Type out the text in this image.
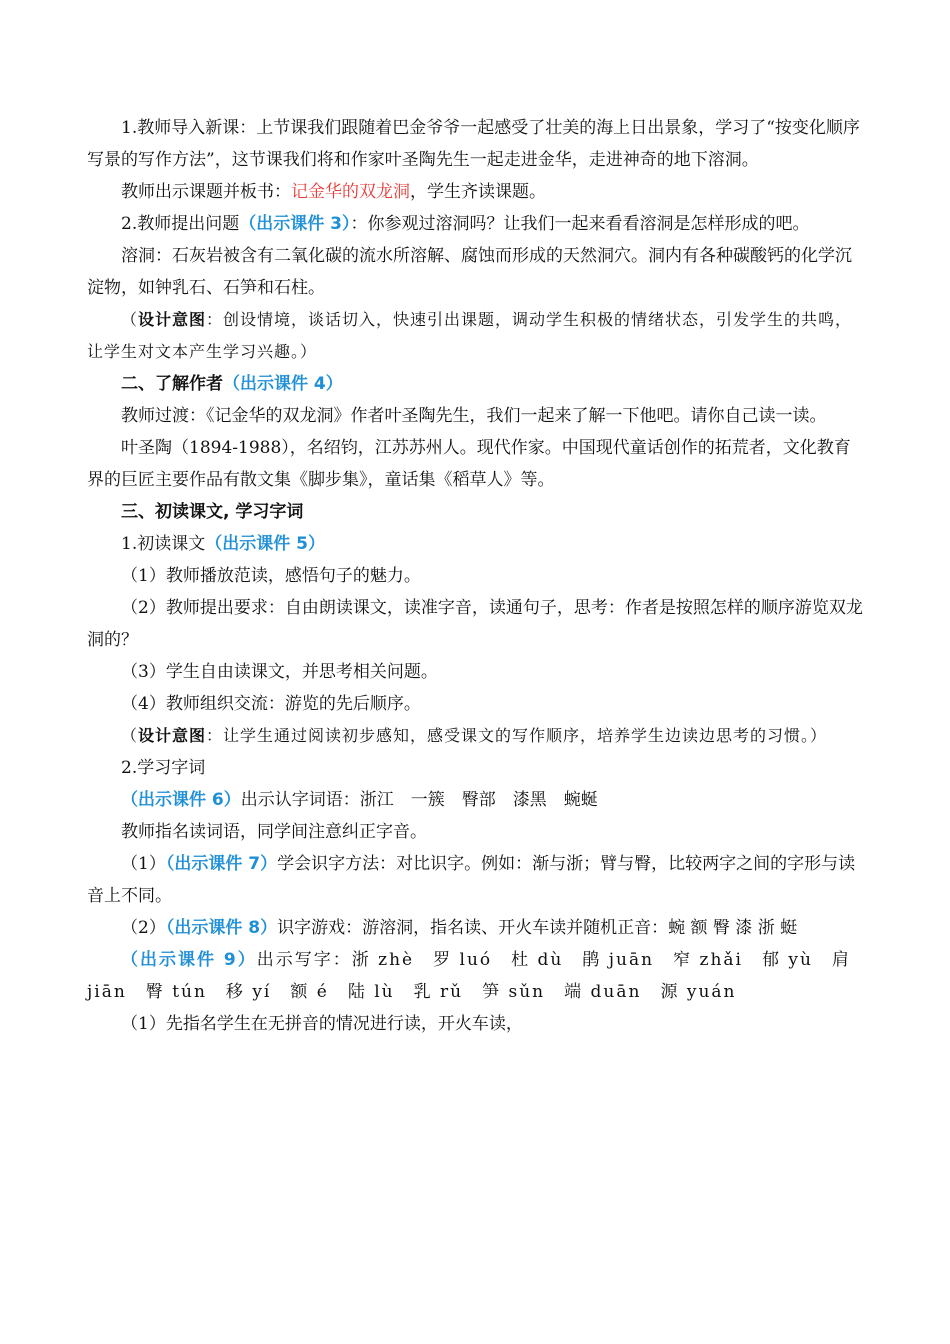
1.教师导入新课：上节课我们跟随着巴金爷爷一起感受了壮美的海上日出景象，学习了“按变化顺序写景的写作方法”，这节课我们将和作家叶圣陶先生一起走进金华，走进神奇的地下溶洞。

教师出示课题并板书：记金华的双龙洞，学生齐读课题。

2.教师提出问题（出示课件 3）：你参观过溶洞吗？让我们一起来看看溶洞是怎样形成的吧。

溶洞：石灰岩被含有二氧化碳的流水所溶解、腐蚀而形成的天然洞穴。洞内有各种碳酸钙的化学沉淀物，如钟乳石、石笋和石柱。

（设计意图：创设情境，谈话切入，快速引出课题，调动学生积极的情绪状态，引发学生的共鸣，让学生对文本产生学习兴趣。）

二、了解作者（出示课件 4）

教师过渡：《记金华的双龙洞》作者叶圣陶先生，我们一起来了解一下他吧。请你自己读一读。

叶圣陶（1894-1988），名绍钧，江苏苏州人。现代作家。中国现代童话创作的拓荒者，文化教育界的巨匠主要作品有散文集《脚步集》，童话集《稻草人》等。

三、初读课文, 学习字词

1.初读课文（出示课件 5）

（1）教师播放范读，感悟句子的魅力。

（2）教师提出要求：自由朗读课文，读准字音，读通句子，思考：作者是按照怎样的顺序游览双龙洞的？

（3）学生自由读课文，并思考相关问题。

（4）教师组织交流：游览的先后顺序。

（设计意图：让学生通过阅读初步感知，感受课文的写作顺序，培养学生边读边思考的习惯。）

2.学习字词

（出示课件 6）出示认字词语：浙江　一簇　臀部　漆黑　蜿蜒

教师指名读词语，同学间注意纠正字音。

（1）（出示课件 7）学会识字方法：对比识字。例如：渐与浙；臂与臀，比较两字之间的字形与读音上不同。

（2）（出示课件 8）识字游戏：游溶洞，指名读、开火车读并随机正音：蜿 额 臀 漆 浙 蜓

（出示课件 9）出示写字：浙 zhè　罗 luó　杜 dù　鹃 juān　窄 zhǎi　郁 yù　肩 jiān　臀 tún　移 yí　额 é　陆 lù　乳 rǔ　笋 sǔn　端 duān　源 yuán

（1）先指名学生在无拼音的情况进行读，开火车读，
